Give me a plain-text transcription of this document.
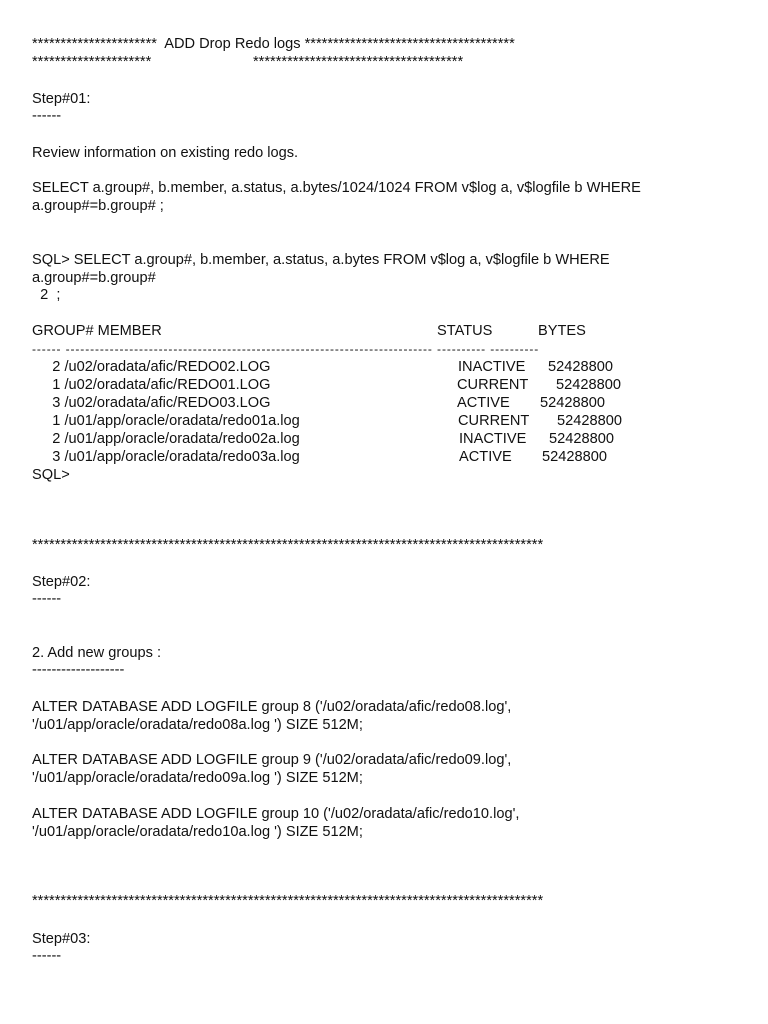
********************** ADD Drop Redo logs *************************************
*********************	*************************************
Step#01:
------
Review information on existing redo logs.
SELECT a.group#, b.member, a.status, a.bytes/1024/1024 FROM v$log a, v$logfile b WHERE
a.group#=b.group# ;
SQL> SELECT a.group#, b.member, a.status, a.bytes FROM v$log a, v$logfile b WHERE
a.group#=b.group#
2  ;
GROUP# MEMBER	STATUS	BYTES
------ --------------------------------------------------------------------------- ---------- ----------
2 /u02/oradata/afic/REDO02.LOG	INACTIVE 52428800
1 /u02/oradata/afic/REDO01.LOG	CURRENT 52428800
3 /u02/oradata/afic/REDO03.LOG	ACTIVE 52428800
1 /u01/app/oracle/oradata/redo01a.log	CURRENT 52428800
2 /u01/app/oracle/oradata/redo02a.log	INACTIVE 52428800
3 /u01/app/oracle/oradata/redo03a.log	ACTIVE 52428800
SQL>
******************************************************************************************
Step#02:
------
2. Add new groups :
-------------------
ALTER DATABASE ADD LOGFILE group 8 ('/u02/oradata/afic/redo08.log',
'/u01/app/oracle/oradata/redo08a.log ') SIZE 512M;
ALTER DATABASE ADD LOGFILE group 9 ('/u02/oradata/afic/redo09.log',
'/u01/app/oracle/oradata/redo09a.log ') SIZE 512M;
ALTER DATABASE ADD LOGFILE group 10 ('/u02/oradata/afic/redo10.log',
'/u01/app/oracle/oradata/redo10a.log ') SIZE 512M;
******************************************************************************************
Step#03:
------
